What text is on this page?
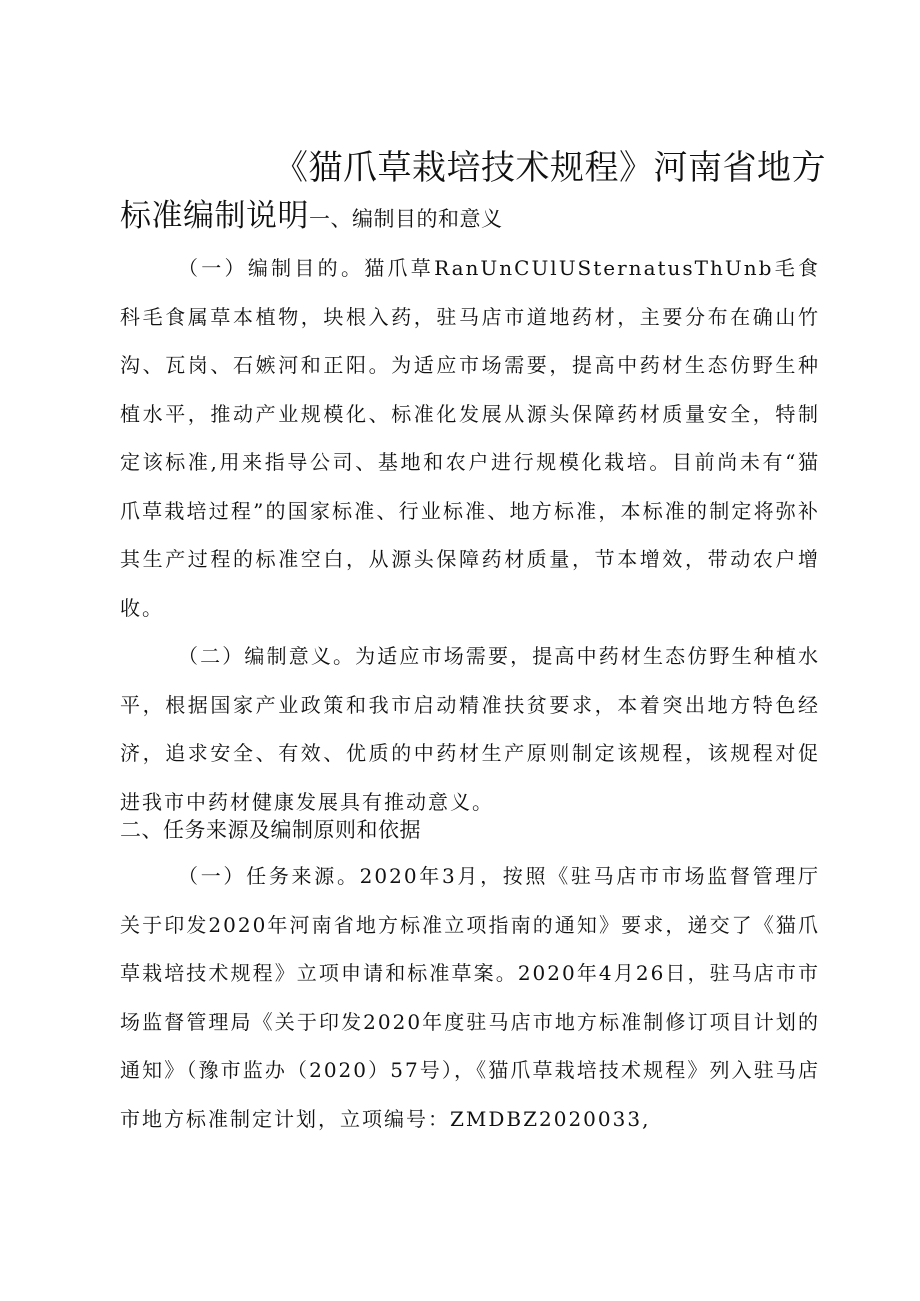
《猫爪草栽培技术规程》河南省地方
标准编制说明一、编制目的和意义

（一）编制目的。猫爪草RanUnCUlUSternatusThUnb毛食科毛食属草本植物，块根入药，驻马店市道地药材，主要分布在确山竹沟、瓦岗、石嫉河和正阳。为适应市场需要，提高中药材生态仿野生种植水平，推动产业规模化、标准化发展从源头保障药材质量安全，特制定该标准,用来指导公司、基地和农户进行规模化栽培。目前尚未有“猫爪草栽培过程”的国家标准、行业标准、地方标准，本标准的制定将弥补其生产过程的标准空白，从源头保障药材质量，节本增效，带动农户增收。

（二）编制意义。为适应市场需要，提高中药材生态仿野生种植水平，根据国家产业政策和我市启动精准扶贫要求，本着突出地方特色经济，追求安全、有效、优质的中药材生产原则制定该规程，该规程对促进我市中药材健康发展具有推动意义。

二、任务来源及编制原则和依据

（一）任务来源。2020年3月，按照《驻马店市市场监督管理厅关于印发2020年河南省地方标准立项指南的通知》要求，递交了《猫爪草栽培技术规程》立项申请和标准草案。2020年4月26日，驻马店市市场监督管理局《关于印发2020年度驻马店市地方标准制修订项目计划的通知》（豫市监办（2020）57号），《猫爪草栽培技术规程》列入驻马店市地方标准制定计划，立项编号：ZMDBZ2020033,
